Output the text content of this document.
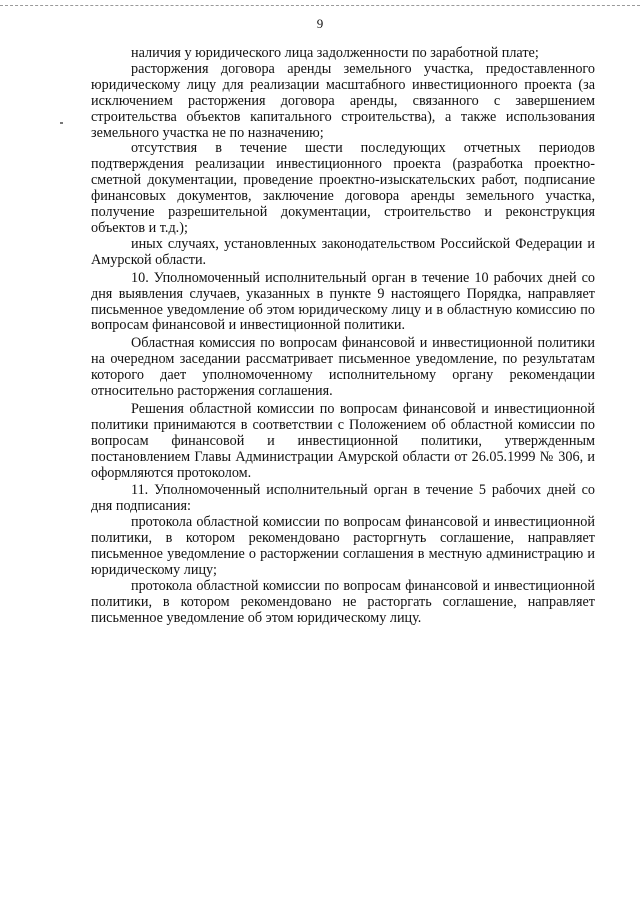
9

наличия у юридического лица задолженности по заработной плате;

расторжения договора аренды земельного участка, предоставленного юридическому лицу для реализации масштабного инвестиционного проекта (за исключением расторжения договора аренды, связанного с завершением строительства объектов капитального строительства), а также использования земельного участка не по назначению;

отсутствия в течение шести последующих отчетных периодов подтверждения реализации инвестиционного проекта (разработка проектно-сметной документации, проведение проектно-изыскательских работ, подписание финансовых документов, заключение договора аренды земельного участка, получение разрешительной документации, строительство и реконструкция объектов и т.д.);

иных случаях, установленных законодательством Российской Федерации и Амурской области.

10. Уполномоченный исполнительный орган в течение 10 рабочих дней со дня выявления случаев, указанных в пункте 9 настоящего Порядка, направляет письменное уведомление об этом юридическому лицу и в областную комиссию по вопросам финансовой и инвестиционной политики.

Областная комиссия по вопросам финансовой и инвестиционной политики на очередном заседании рассматривает письменное уведомление, по результатам которого дает уполномоченному исполнительному органу рекомендации относительно расторжения соглашения.

Решения областной комиссии по вопросам финансовой и инвестиционной политики принимаются в соответствии с Положением об областной комиссии по вопросам финансовой и инвестиционной политики, утвержденным постановлением Главы Администрации Амурской области от 26.05.1999 № 306, и оформляются протоколом.

11. Уполномоченный исполнительный орган в течение 5 рабочих дней со дня подписания:

протокола областной комиссии по вопросам финансовой и инвестиционной политики, в котором рекомендовано расторгнуть соглашение, направляет письменное уведомление о расторжении соглашения в местную администрацию и юридическому лицу;

протокола областной комиссии по вопросам финансовой и инвестиционной политики, в котором рекомендовано не расторгать соглашение, направляет письменное уведомление об этом юридическому лицу.
